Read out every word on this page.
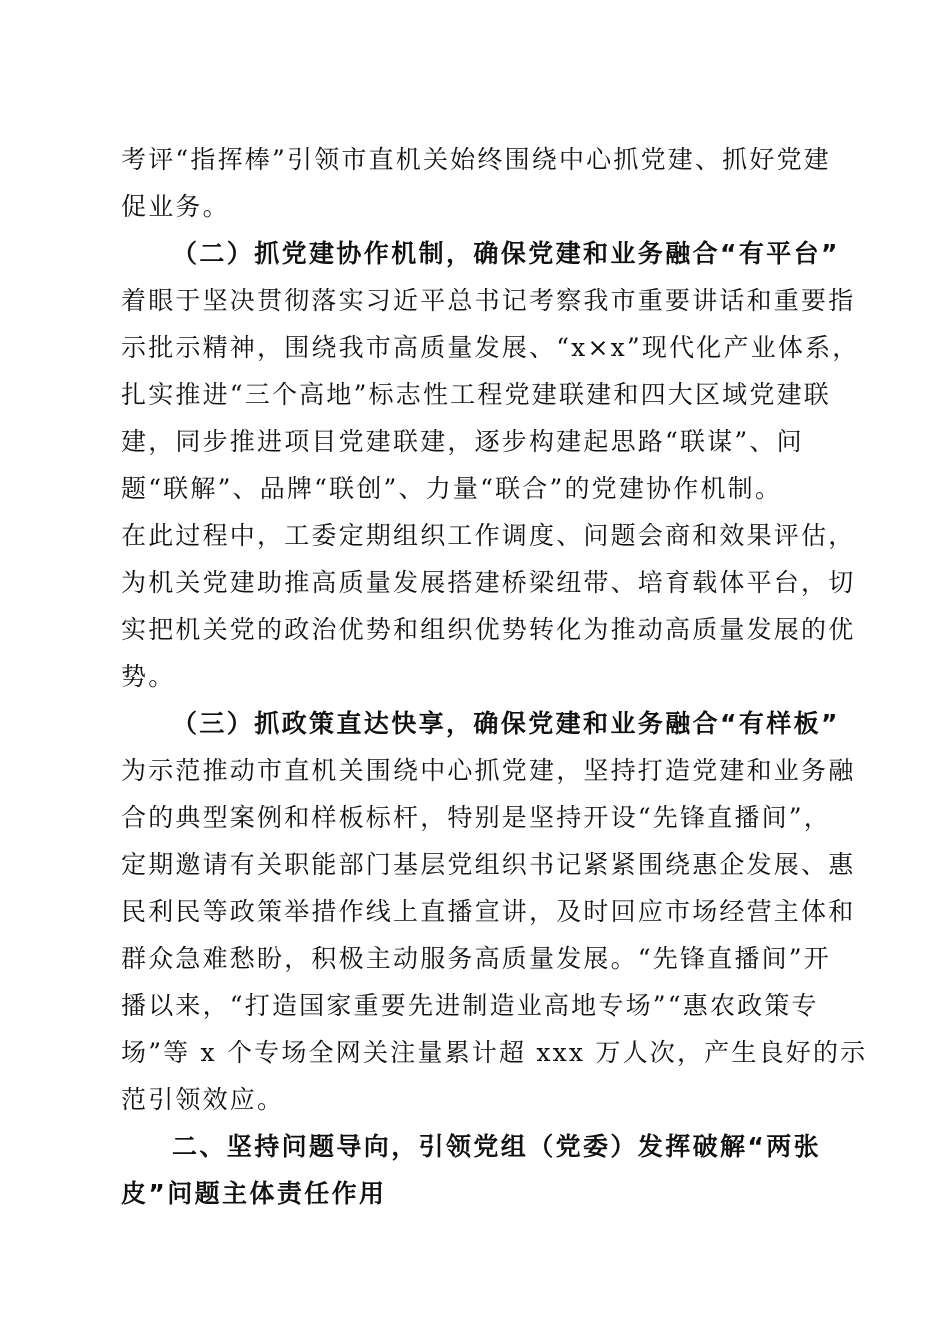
考评“指挥棒”引领市直机关始终围绕中心抓党建、抓好党建
促业务。
（二）抓党建协作机制，确保党建和业务融合“有平台”
着眼于坚决贯彻落实习近平总书记考察我市重要讲话和重要指
示批示精神，围绕我市高质量发展、“x×x”现代化产业体系，
扎实推进“三个高地”标志性工程党建联建和四大区域党建联
建，同步推进项目党建联建，逐步构建起思路“联谋”、问
题“联解”、品牌“联创”、力量“联合”的党建协作机制。
在此过程中，工委定期组织工作调度、问题会商和效果评估，
为机关党建助推高质量发展搭建桥梁纽带、培育载体平台，切
实把机关党的政治优势和组织优势转化为推动高质量发展的优
势。
（三）抓政策直达快享，确保党建和业务融合“有样板”
为示范推动市直机关围绕中心抓党建，坚持打造党建和业务融
合的典型案例和样板标杆，特别是坚持开设“先锋直播间”，
定期邀请有关职能部门基层党组织书记紧紧围绕惠企发展、惠
民利民等政策举措作线上直播宣讲，及时回应市场经营主体和
群众急难愁盼，积极主动服务高质量发展。“先锋直播间”开
播以来，“打造国家重要先进制造业高地专场”“惠农政策专
场”等 x 个专场全网关注量累计超 xxx 万人次，产生良好的示
范引领效应。
二、坚持问题导向，引领党组（党委）发挥破解“两张
皮”问题主体责任作用
